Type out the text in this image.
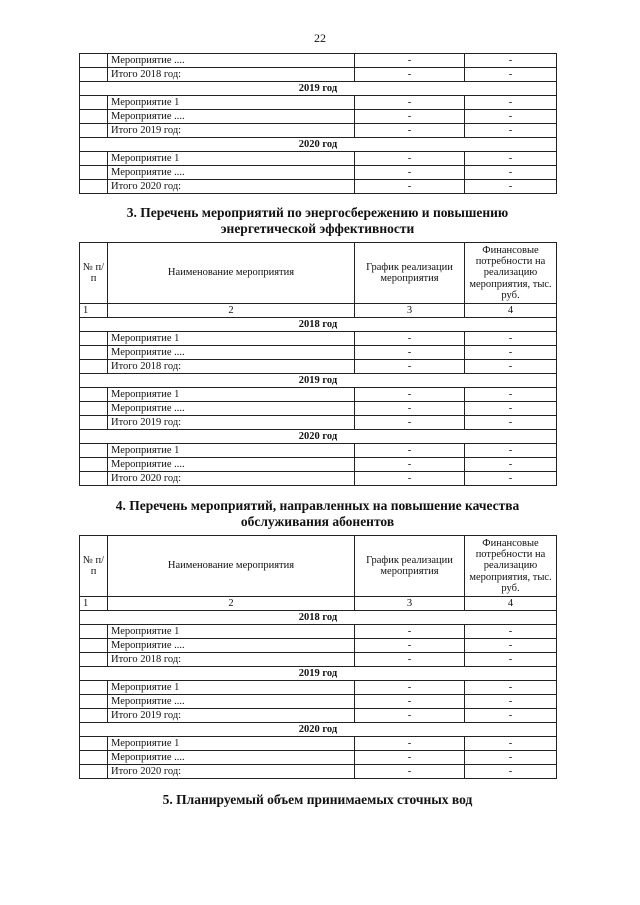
22
	Мероприятие ....	-	-
	Итого 2018 год:	-	-
2019 год			
	Мероприятие 1	-	-
	Мероприятие ....	-	-
	Итого 2019 год:	-	-
2020 год			
	Мероприятие 1	-	-
	Мероприятие ....	-	-
	Итого 2020 год:	-	-
3. Перечень мероприятий по энергосбережению и повышению
энергетической эффективности
№ п/п	Наименование мероприятия	График реализации мероприятия	Финансовые потребности на реализацию мероприятия, тыс. руб.
1	2	3	4
2018 год			
	Мероприятие 1	-	-
	Мероприятие ....	-	-
	Итого 2018 год:	-	-
2019 год			
	Мероприятие 1	-	-
	Мероприятие ....	-	-
	Итого 2019 год:	-	-
2020 год			
	Мероприятие 1	-	-
	Мероприятие ....	-	-
	Итого 2020 год:	-	-
4. Перечень мероприятий, направленных на повышение качества
обслуживания абонентов
№ п/п	Наименование мероприятия	График реализации мероприятия	Финансовые потребности на реализацию мероприятия, тыс. руб.
1	2	3	4
2018 год			
	Мероприятие 1	-	-
	Мероприятие ....	-	-
	Итого 2018 год:	-	-
2019 год			
	Мероприятие 1	-	-
	Мероприятие ....	-	-
	Итого 2019 год:	-	-
2020 год			
	Мероприятие 1	-	-
	Мероприятие ....	-	-
	Итого 2020 год:	-	-
5. Планируемый объем принимаемых сточных вод
